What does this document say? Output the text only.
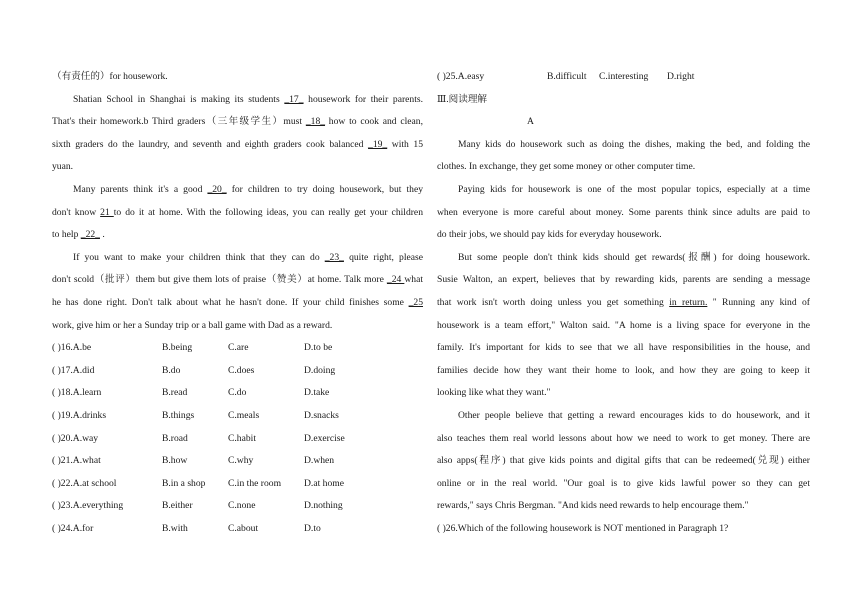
（有责任的）for housework.
Shatian School in Shanghai is making its students _17_ housework for their parents.
That's their homework.b Third graders（三年级学生）must _18_ how to cook and clean,
sixth graders do the laundry, and seventh and eighth graders cook balanced _19_ with 15
yuan.
Many parents think it's a good _20_ for children to try doing housework, but they
don't know 21 to do it at home. With the following ideas, you can really get your children
to help _22_ .
If you want to make your children think that they can do _23_ quite right, please
don't scold（批评）them but give them lots of praise（赞美）at home. Talk more _24 what
he has done right. Don't talk about what he hasn't done. If your child finishes some _25
work, give him or her a Sunday trip or a ball game with Dad as a reward.
( )16.A.be	B.being	C.are	D.to be
( )17.A.did	B.do	C.does	D.doing
( )18.A.learn	B.read	C.do	D.take
( )19.A.drinks	B.things	C.meals	D.snacks
( )20.A.way	B.road	C.habit	D.exercise
( )21.A.what	B.how	C.why	D.when
( )22.A.at school	B.in a shop	C.in the room	D.at home
( )23.A.everything	B.either	C.none	D.nothing
( )24.A.for	B.with	C.about	D.to
( )25.A.easy	B.difficult	C.interesting	D.right
Ⅲ.阅读理解
A
Many kids do housework such as doing the dishes, making the bed, and folding the
clothes. In exchange, they get some money or other computer time.
Paying kids for housework is one of the most popular topics, especially at a time
when everyone is more careful about money. Some parents think since adults are paid to
do their jobs, we should pay kids for everyday housework.
But some people don't think kids should get rewards(报酬) for doing housework.
Susie Walton, an expert, believes that by rewarding kids, parents are sending a message
that work isn't worth doing unless you get something in return. " Running any kind of
housework is a team effort," Walton said. "A home is a living space for everyone in the
family. It's important for kids to see that we all have responsibilities in the house, and
families decide how they want their home to look, and how they are going to keep it
looking like what they want."
Other people believe that getting a reward encourages kids to do housework, and it
also teaches them real world lessons about how we need to work to get money. There are
also apps(程序) that give kids points and digital gifts that can be redeemed(兑现) either
online or in the real world. "Our goal is to give kids lawful power so they can get
rewards," says Chris Bergman. "And kids need rewards to help encourage them."
( )26.Which of the following housework is NOT mentioned in Paragraph 1?
